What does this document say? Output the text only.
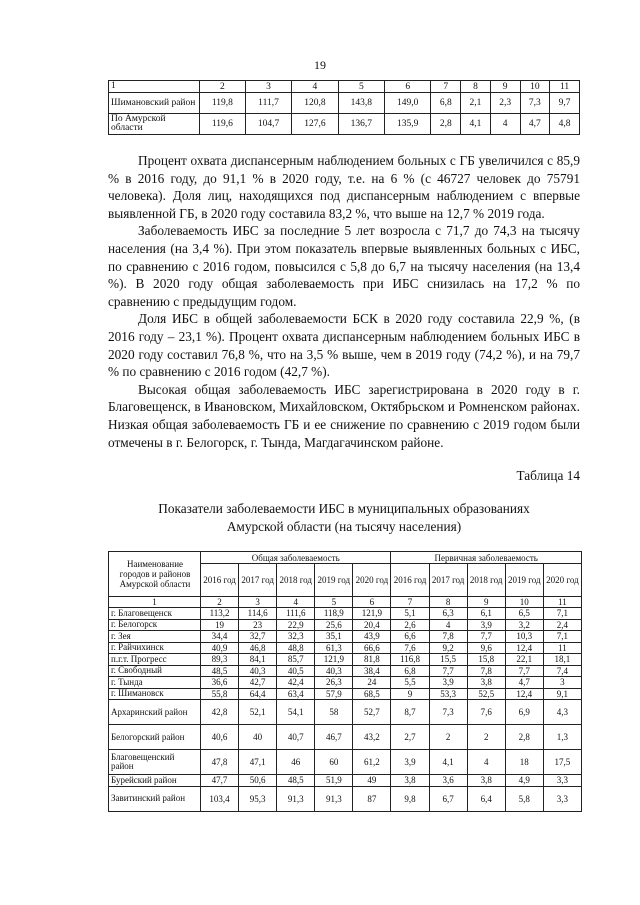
19
1	2	3	4	5	6	7	8	9	10	11
Шимановский район	119,8	111,7	120,8	143,8	149,0	6,8	2,1	2,3	7,3	9,7
По Амурской области	119,6	104,7	127,6	136,7	135,9	2,8	4,1	4	4,7	4,8

Процент охвата диспансерным наблюдением больных с ГБ увеличился с 85,9 % в 2016 году, до 91,1 % в 2020 году, т.е. на 6 % (с 46727 человек до 75791 человека). Доля лиц, находящихся под диспансерным наблюдением с впервые выявленной ГБ, в 2020 году составила 83,2 %, что выше на 12,7 % 2019 года.

Заболеваемость ИБС за последние 5 лет возросла с 71,7 до 74,3 на тысячу населения (на 3,4 %). При этом показатель впервые выявленных больных с ИБС, по сравнению с 2016 годом, повысился с 5,8 до 6,7 на тысячу населения (на 13,4 %). В 2020 году общая заболеваемость при ИБС снизилась на 17,2 % по сравнению с предыдущим годом.

Доля ИБС в общей заболеваемости БСК в 2020 году составила 22,9 %, (в 2016 году – 23,1 %). Процент охвата диспансерным наблюдением больных ИБС в 2020 году составил 76,8 %, что на 3,5 % выше, чем в 2019 году (74,2 %), и на 79,7 % по сравнению с 2016 годом (42,7 %).

Высокая общая заболеваемость ИБС зарегистрирована в 2020 году в г. Благовещенск, в Ивановском, Михайловском, Октябрьском и Ромненском районах. Низкая общая заболеваемость ГБ и ее снижение по сравнению с 2019 годом были отмечены в г. Белогорск, г. Тында, Магдагачинском районе.

Таблица 14
Показатели заболеваемости ИБС в муниципальных образованиях
Амурской области (на тысячу населения)
Наименование городов и районов Амурской области	Общая заболеваемость					Первичная заболеваемость				
	2016 год	2017 год	2018 год	2019 год	2020 год	2016 год	2017 год	2018 год	2019 год	2020 год
1	2	3	4	5	6	7	8	9	10	11
г. Благовещенск	113,2	114,6	111,6	118,9	121,9	5,1	6,3	6,1	6,5	7,1
г. Белогорск	19	23	22,9	25,6	20,4	2,6	4	3,9	3,2	2,4
г. Зея	34,4	32,7	32,3	35,1	43,9	6,6	7,8	7,7	10,3	7,1
г. Райчихинск	40,9	46,8	48,8	61,3	66,6	7,6	9,2	9,6	12,4	11
п.г.т. Прогресс	89,3	84,1	85,7	121,9	81,8	116,8	15,5	15,8	22,1	18,1
г. Свободный	48,5	40,3	40,5	40,3	38,4	6,8	7,7	7,8	7,7	7,4
г. Тында	36,6	42,7	42,4	26,3	24	5,5	3,9	3,8	4,7	3
г. Шимановск	55,8	64,4	63,4	57,9	68,5	9	53,3	52,5	12,4	9,1
Архаринский район	42,8	52,1	54,1	58	52,7	8,7	7,3	7,6	6,9	4,3
Белогорский район	40,6	40	40,7	46,7	43,2	2,7	2	2	2,8	1,3
Благовещенский район	47,8	47,1	46	60	61,2	3,9	4,1	4	18	17,5
Бурейский район	47,7	50,6	48,5	51,9	49	3,8	3,6	3,8	4,9	3,3
Завитинский район	103,4	95,3	91,3	91,3	87	9,8	6,7	6,4	5,8	3,3
